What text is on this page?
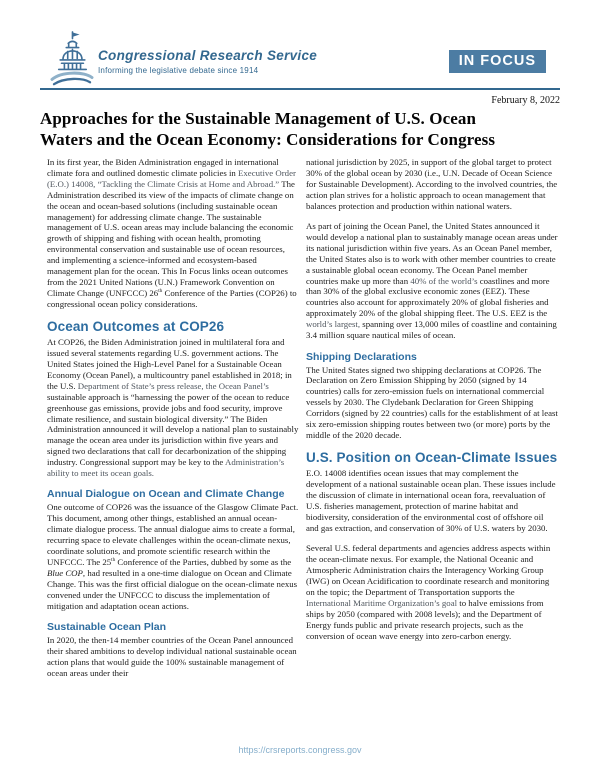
Congressional Research Service
Informing the legislative debate since 1914
IN FOCUS
February 8, 2022
Approaches for the Sustainable Management of U.S. Ocean
Waters and the Ocean Economy: Considerations for Congress

In its first year, the Biden Administration engaged in international climate fora and outlined domestic climate policies in Executive Order (E.O.) 14008, “Tackling the Climate Crisis at Home and Abroad.” The Administration described its view of the impacts of climate change on the ocean and ocean-based solutions (including sustainable ocean management) for addressing climate change. The sustainable management of U.S. ocean areas may include balancing the economic growth of shipping and fishing with ocean health, promoting environmental conservation and sustainable use of ocean resources, and implementing a science-informed and ecosystem-based management plan for the ocean. This In Focus links ocean outcomes from the 2021 United Nations (U.N.) Framework Convention on Climate Change (UNFCCC) 26th Conference of the Parties (COP26) to congressional ocean policy considerations.

Ocean Outcomes at COP26

At COP26, the Biden Administration joined in multilateral fora and issued several statements regarding U.S. government actions. The United States joined the High-Level Panel for a Sustainable Ocean Economy (Ocean Panel), a multicountry panel established in 2018; in the U.S. Department of State’s press release, the Ocean Panel’s sustainable approach is “harnessing the power of the ocean to reduce greenhouse gas emissions, provide jobs and food security, improve climate resilience, and sustain biological diversity.” The Biden Administration announced it will develop a national plan to sustainably manage the ocean area under its jurisdiction within five years and signed two declarations that call for decarbonization of the shipping industry. Congressional support may be key to the Administration’s ability to meet its ocean goals.

Annual Dialogue on Ocean and Climate Change

One outcome of COP26 was the issuance of the Glasgow Climate Pact. This document, among other things, established an annual ocean-climate dialogue process. The annual dialogue aims to create a formal, recurring space to elevate challenges within the ocean-climate nexus, coordinate solutions, and promote scientific research within the UNFCCC. The 25th Conference of the Parties, dubbed by some as the Blue COP, had resulted in a one-time dialogue on Ocean and Climate Change. This was the first official dialogue on the ocean-climate nexus convened under the UNFCCC to discuss the implementation of mitigation and adaptation ocean actions.

Sustainable Ocean Plan

In 2020, the then-14 member countries of the Ocean Panel announced their shared ambitions to develop individual national sustainable ocean action plans that would guide the 100% sustainable management of ocean areas under their

national jurisdiction by 2025, in support of the global target to protect 30% of the global ocean by 2030 (i.e., U.N. Decade of Ocean Science for Sustainable Development). According to the involved countries, the action plan strives for a holistic approach to ocean management that balances protection and production within national waters.

As part of joining the Ocean Panel, the United States announced it would develop a national plan to sustainably manage ocean areas under its national jurisdiction within five years. As an Ocean Panel member, the United States also is to work with other member countries to create a sustainable global ocean economy. The Ocean Panel member countries make up more than 40% of the world’s coastlines and more than 30% of the global exclusive economic zones (EEZ). These countries also account for approximately 20% of global fisheries and approximately 20% of the global shipping fleet. The U.S. EEZ is the world’s largest, spanning over 13,000 miles of coastline and containing 3.4 million square nautical miles of ocean.

Shipping Declarations

The United States signed two shipping declarations at COP26. The Declaration on Zero Emission Shipping by 2050 (signed by 14 countries) calls for zero-emission fuels on international commercial vessels by 2030. The Clydebank Declaration for Green Shipping Corridors (signed by 22 countries) calls for the establishment of at least six zero-emission shipping routes between two (or more) ports by the middle of the 2020 decade.

U.S. Position on Ocean-Climate Issues

E.O. 14008 identifies ocean issues that may complement the development of a national sustainable ocean plan. These issues include the discussion of climate in international ocean fora, reevaluation of U.S. fisheries management, protection of marine habitat and biodiversity, consideration of the environmental cost of offshore oil and gas extraction, and conservation of 30% of U.S. waters by 2030.

Several U.S. federal departments and agencies address aspects within the ocean-climate nexus. For example, the National Oceanic and Atmospheric Administration chairs the Interagency Working Group (IWG) on Ocean Acidification to coordinate research and monitoring on the topic; the Department of Transportation supports the International Maritime Organization’s goal to halve emissions from ships by 2050 (compared with 2008 levels); and the Department of Energy funds public and private research projects, such as the conversion of ocean wave energy into zero-carbon energy.

https://crsreports.congress.gov
